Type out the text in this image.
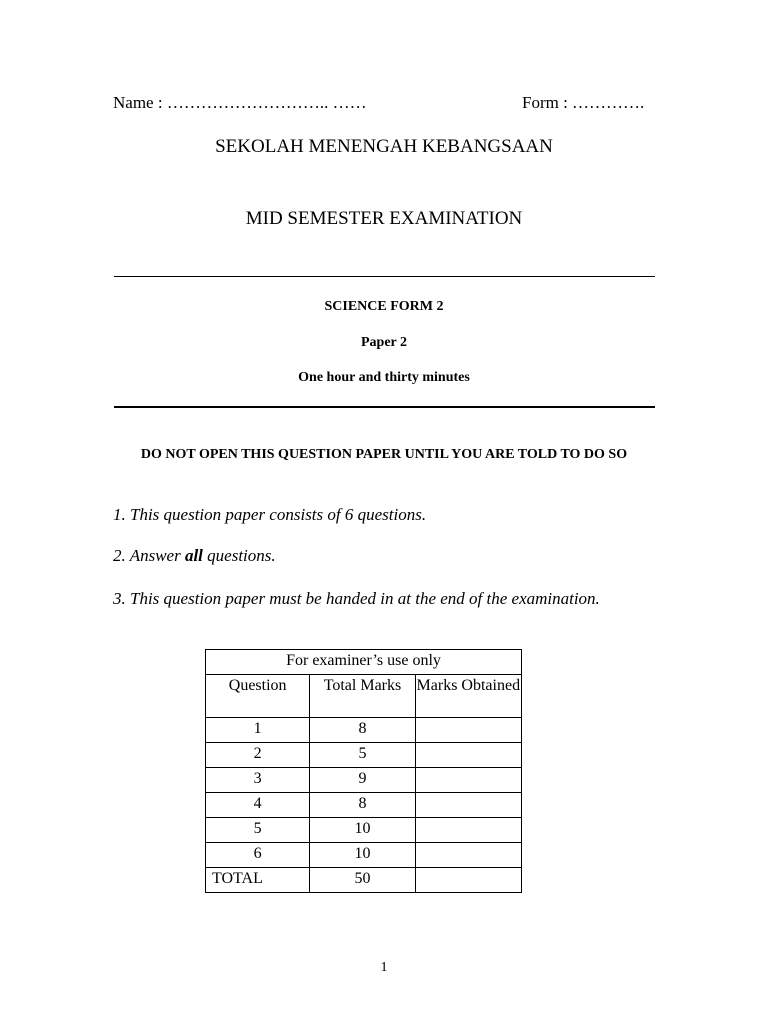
Name : ……………………….. ……	Form : ………….
SEKOLAH MENENGAH KEBANGSAAN
MID SEMESTER EXAMINATION
SCIENCE FORM 2
Paper 2
One hour and thirty minutes
DO NOT OPEN THIS QUESTION PAPER UNTIL YOU ARE TOLD TO DO SO
1. This question paper consists of 6 questions.
2. Answer all questions.
3. This question paper must be handed in at the end of the examination.
For examiner’s use only		
Question	Total Marks	Marks Obtained
1	8	
2	5	
3	9	
4	8	
5	10	
6	10	
TOTAL	50	
1
